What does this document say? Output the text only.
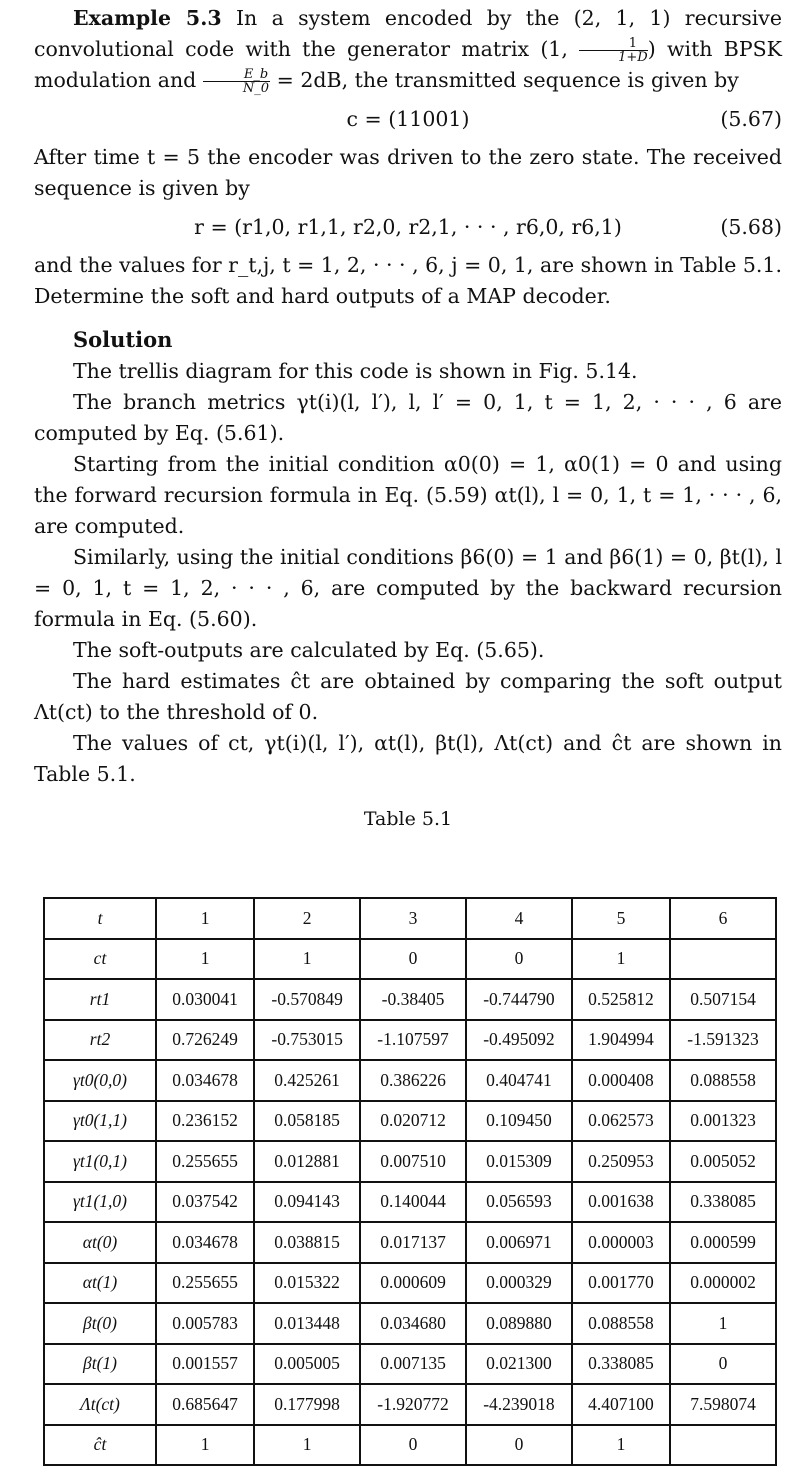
Example 5.3 In a system encoded by the (2, 1, 1) recursive convolutional code with the generator matrix (1, $\frac{1}{1+D}$ ) with BPSK modulation and $\frac{E\_b}{N\_0} = 2dB$, the transmitted sequence is given by

c = (11001)	(5.67)

After time t = 5 the encoder was driven to the zero state. The received sequence is given by

r = (r1,0, r1,1, r2,0, r2,1, · · · , r6,0, r6,1)	(5.68)

and the values for r_t,j, t = 1, 2, · · · , 6, j = 0, 1, are shown in Table 5.1. Determine the soft and hard outputs of a MAP decoder.

Solution

The trellis diagram for this code is shown in Fig. 5.14.

The branch metrics γt(i)(l, l′), l, l′ = 0, 1, t = 1, 2, · · · , 6 are computed by Eq. (5.61).

Starting from the initial condition α0(0) = 1, α0(1) = 0 and using the forward recursion formula in Eq. (5.59) αt(l), l = 0, 1, t = 1, · · · , 6, are computed.

Similarly, using the initial conditions β6(0) = 1 and β6(1) = 0, βt(l), l = 0, 1, t = 1, 2, · · · , 6, are computed by the backward recursion formula in Eq. (5.60).

The soft-outputs are calculated by Eq. (5.65).

The hard estimates ĉt are obtained by comparing the soft output Λt(ct) to the threshold of 0.

The values of ct, γt(i)(l, l′), αt(l), βt(l), Λt(ct) and ĉt are shown in Table 5.1.

Table 5.1
t	1	2	3	4	5	6
ct	1	1	0	0	1	
rt1	0.030041	-0.570849	-0.38405	-0.744790	0.525812	0.507154
rt2	0.726249	-0.753015	-1.107597	-0.495092	1.904994	-1.591323
γt0(0,0)	0.034678	0.425261	0.386226	0.404741	0.000408	0.088558
γt0(1,1)	0.236152	0.058185	0.020712	0.109450	0.062573	0.001323
γt1(0,1)	0.255655	0.012881	0.007510	0.015309	0.250953	0.005052
γt1(1,0)	0.037542	0.094143	0.140044	0.056593	0.001638	0.338085
αt(0)	0.034678	0.038815	0.017137	0.006971	0.000003	0.000599
αt(1)	0.255655	0.015322	0.000609	0.000329	0.001770	0.000002
βt(0)	0.005783	0.013448	0.034680	0.089880	0.088558	1
βt(1)	0.001557	0.005005	0.007135	0.021300	0.338085	0
Λt(ct)	0.685647	0.177998	-1.920772	-4.239018	4.407100	7.598074
ĉt	1	1	0	0	1	
